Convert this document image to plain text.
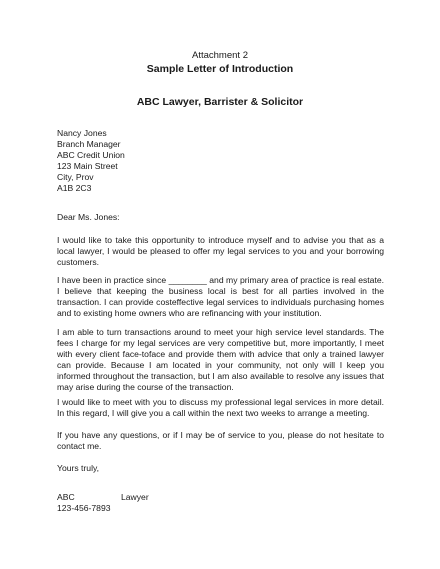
Attachment 2
Sample Letter of Introduction
ABC Lawyer, Barrister & Solicitor
Nancy Jones
Branch Manager
ABC Credit Union
123 Main Street
City, Prov
A1B 2C3
Dear Ms. Jones:

I would like to take this opportunity to introduce myself and to advise you that as a local lawyer, I would be pleased to offer my legal services to you and your borrowing customers.

I have been in practice since ________ and my primary area of practice is real estate. I believe that keeping the business local is best for all parties involved in the transaction. I can provide costeffective legal services to individuals purchasing homes and to existing home owners who are refinancing with your institution.

I am able to turn transactions around to meet your high service level standards. The fees I charge for my legal services are very competitive but, more importantly, I meet with every client face-toface and provide them with advice that only a trained lawyer can provide. Because I am located in your community, not only will I keep you informed throughout the transaction, but I am also available to resolve any issues that may arise during the course of the transaction.

I would like to meet with you to discuss my professional legal services in more detail. In this regard, I will give you a call within the next two weeks to arrange a meeting.

If you have any questions, or if I may be of service to you, please do not hesitate to contact me.

Yours truly,
ABC	Lawyer
123-456-7893
